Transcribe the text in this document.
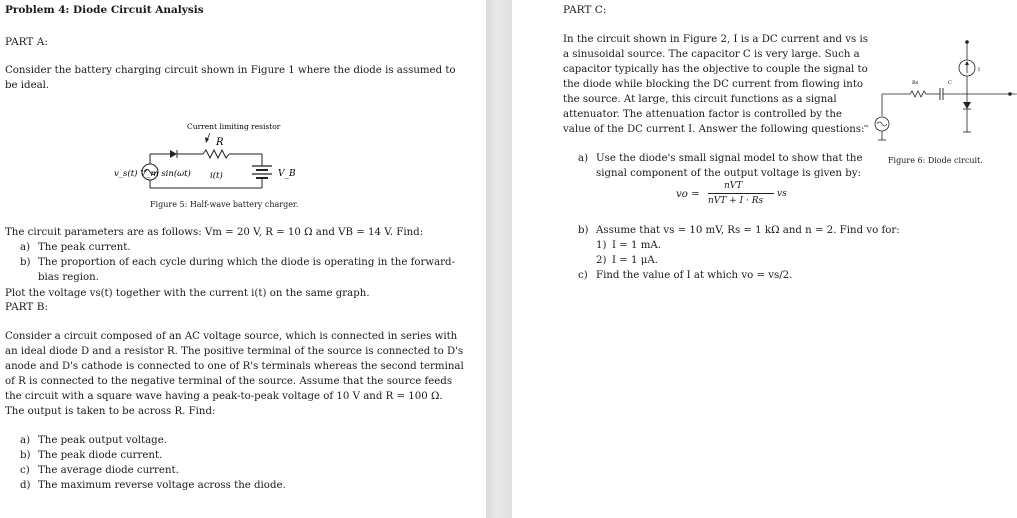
Problem 4: Diode Circuit Analysis
PART A:
Consider the battery charging circuit shown in Figure 1 where the diode is assumed to
be ideal.
Current limiting resistor
R
v_s(t) V_m sin(ωt) i(t)	V_B
Figure 5: Half-wave battery charger.
The circuit parameters are as follows: Vm = 20 V, R = 10 Ω and VB = 14 V. Find:
a) The peak current.
b) The proportion of each cycle during which the diode is operating in the forward-
bias region.
Plot the voltage vs(t) together with the current i(t) on the same graph.
PART B:
Consider a circuit composed of an AC voltage source, which is connected in series with
an ideal diode D and a resistor R. The positive terminal of the source is connected to D's
anode and D's cathode is connected to one of R's terminals whereas the second terminal
of R is connected to the negative terminal of the source. Assume that the source feeds
the circuit with a square wave having a peak-to-peak voltage of 10 V and R = 100 Ω.
The output is taken to be across R. Find:
a) The peak output voltage.
b) The peak diode current.
c) The average diode current.
d) The maximum reverse voltage across the diode.
PART C:
In the circuit shown in Figure 2, I is a DC current and vs is
a sinusoidal source. The capacitor C is very large. Such a
capacitor typically has the objective to couple the signal to
the diode while blocking the DC current from flowing into
the source. At large, this circuit functions as a signal
attenuator. The attenuation factor is controlled by the
value of the DC current I. Answer the following questions:
a) Use the diode's small signal model to show that the
signal component of the output voltage is given by:
vo =
nVT
nVT + I · Rs
vs
b) Assume that vs = 10 mV, Rs = 1 kΩ and n = 2. Find vo for:
1) I = 1 mA.
2) I = 1 μA.
c) Find the value of I at which vo = vs/2.
I
Rs	C
vo
vs
Figure 6: Diode circuit.
